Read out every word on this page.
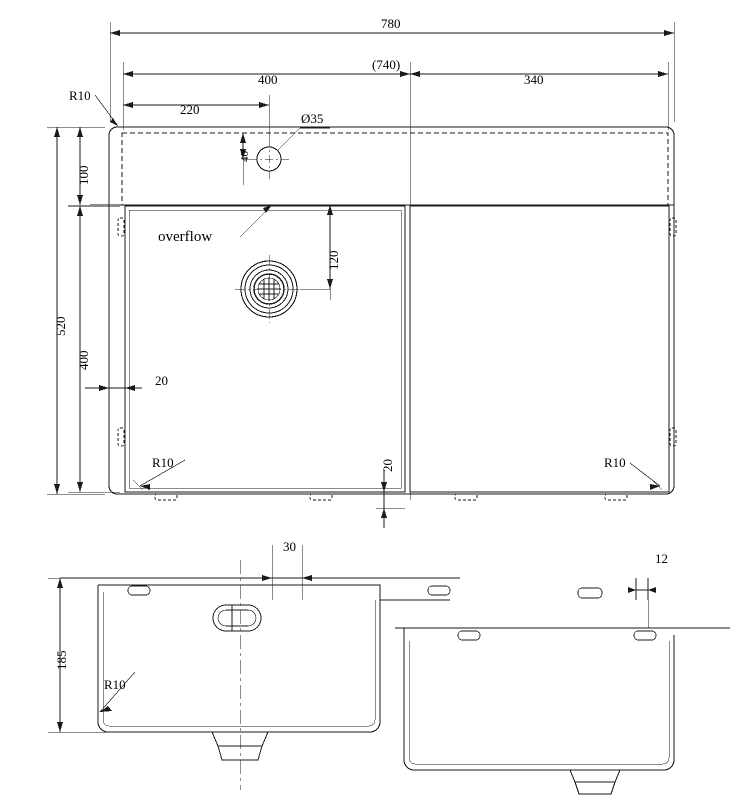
780
(740)
400	340
220
Ø35
40
R10
100
520
400
120
overflow
20
20
R10	R10
30
12
185
R10
